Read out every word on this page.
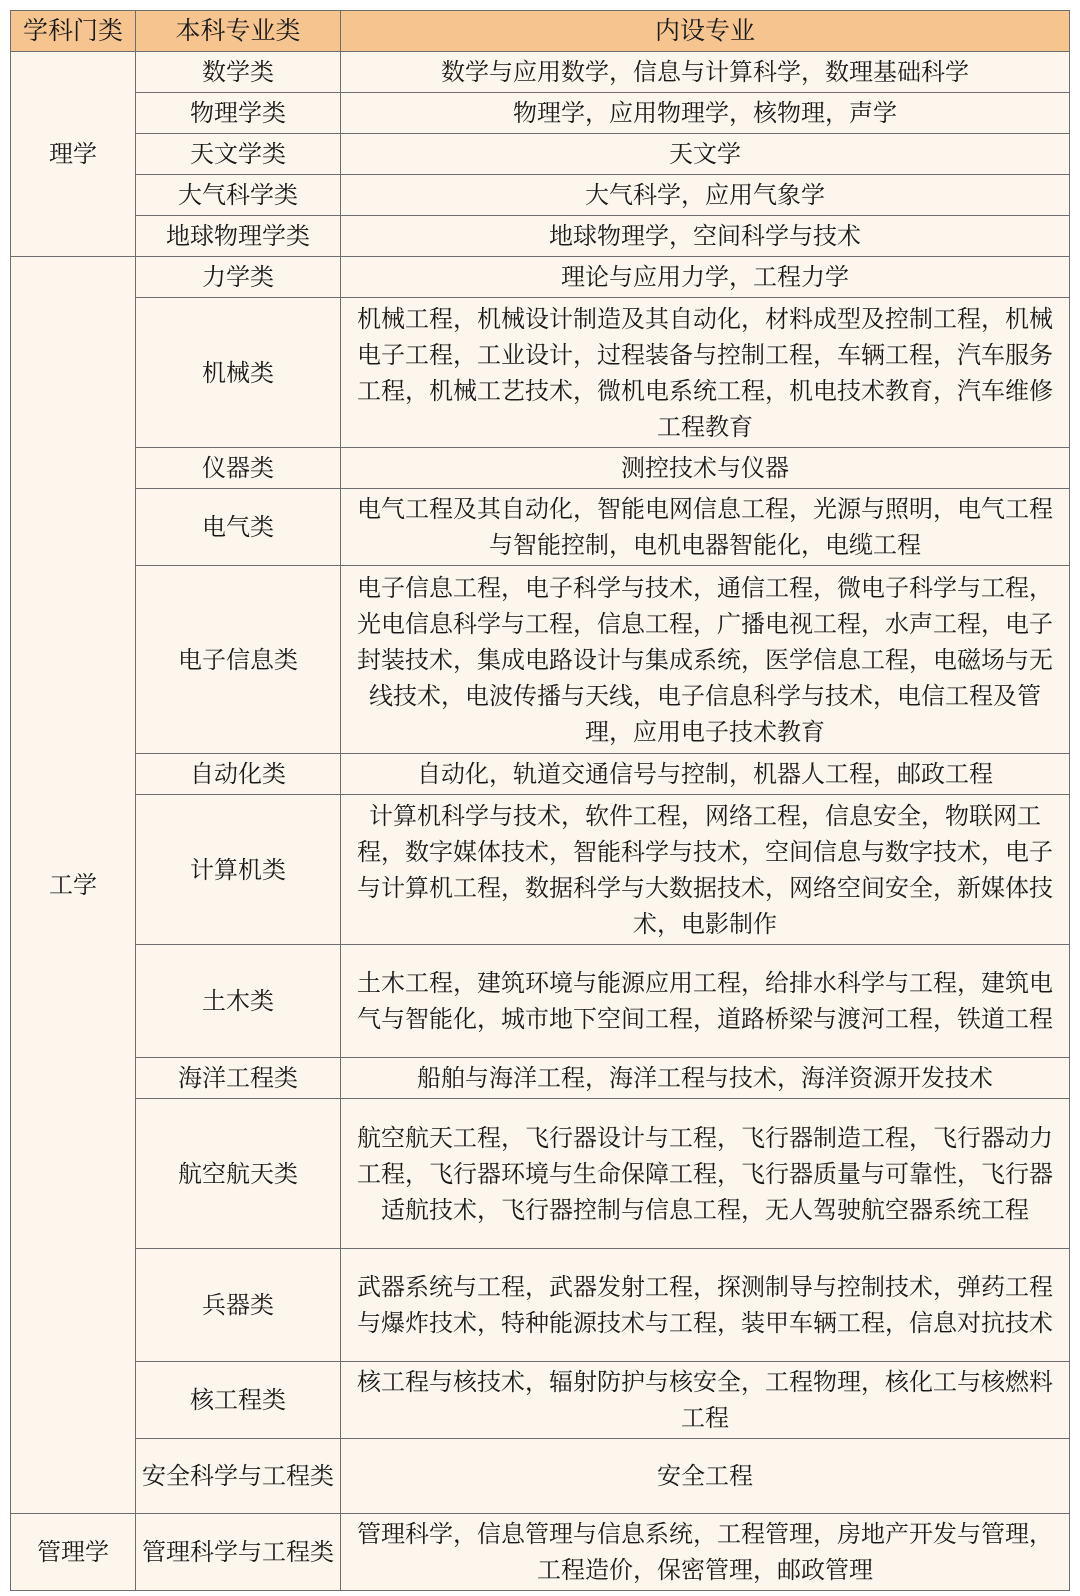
学科门类	本科专业类	内设专业
理学	数学类	数学与应用数学，信息与计算科学，数理基础科学
	物理学类	物理学，应用物理学，核物理，声学
	天文学类	天文学
	大气科学类	大气科学，应用气象学
	地球物理学类	地球物理学，空间科学与技术
工学	力学类	理论与应用力学，工程力学
	机械类	机械工程，机械设计制造及其自动化，材料成型及控制工程，机械电子工程，工业设计，过程装备与控制工程，车辆工程，汽车服务工程，机械工艺技术，微机电系统工程，机电技术教育，汽车维修工程教育
	仪器类	测控技术与仪器
	电气类	电气工程及其自动化，智能电网信息工程，光源与照明，电气工程与智能控制，电机电器智能化，电缆工程
	电子信息类	电子信息工程，电子科学与技术，通信工程，微电子科学与工程，光电信息科学与工程，信息工程，广播电视工程，水声工程，电子封装技术，集成电路设计与集成系统，医学信息工程，电磁场与无线技术，电波传播与天线，电子信息科学与技术，电信工程及管理，应用电子技术教育
	自动化类	自动化，轨道交通信号与控制，机器人工程，邮政工程
	计算机类	计算机科学与技术，软件工程，网络工程，信息安全，物联网工程，数字媒体技术，智能科学与技术，空间信息与数字技术，电子与计算机工程，数据科学与大数据技术，网络空间安全，新媒体技术，电影制作
	土木类	土木工程，建筑环境与能源应用工程，给排水科学与工程，建筑电气与智能化，城市地下空间工程，道路桥梁与渡河工程，铁道工程
	海洋工程类	船舶与海洋工程，海洋工程与技术，海洋资源开发技术
	航空航天类	航空航天工程，飞行器设计与工程，飞行器制造工程，飞行器动力工程，飞行器环境与生命保障工程，飞行器质量与可靠性，飞行器适航技术，飞行器控制与信息工程，无人驾驶航空器系统工程
	兵器类	武器系统与工程，武器发射工程，探测制导与控制技术，弹药工程与爆炸技术，特种能源技术与工程，装甲车辆工程，信息对抗技术
	核工程类	核工程与核技术，辐射防护与核安全，工程物理，核化工与核燃料工程
	安全科学与工程类	安全工程
管理学	管理科学与工程类	管理科学，信息管理与信息系统，工程管理，房地产开发与管理，工程造价，保密管理，邮政管理
